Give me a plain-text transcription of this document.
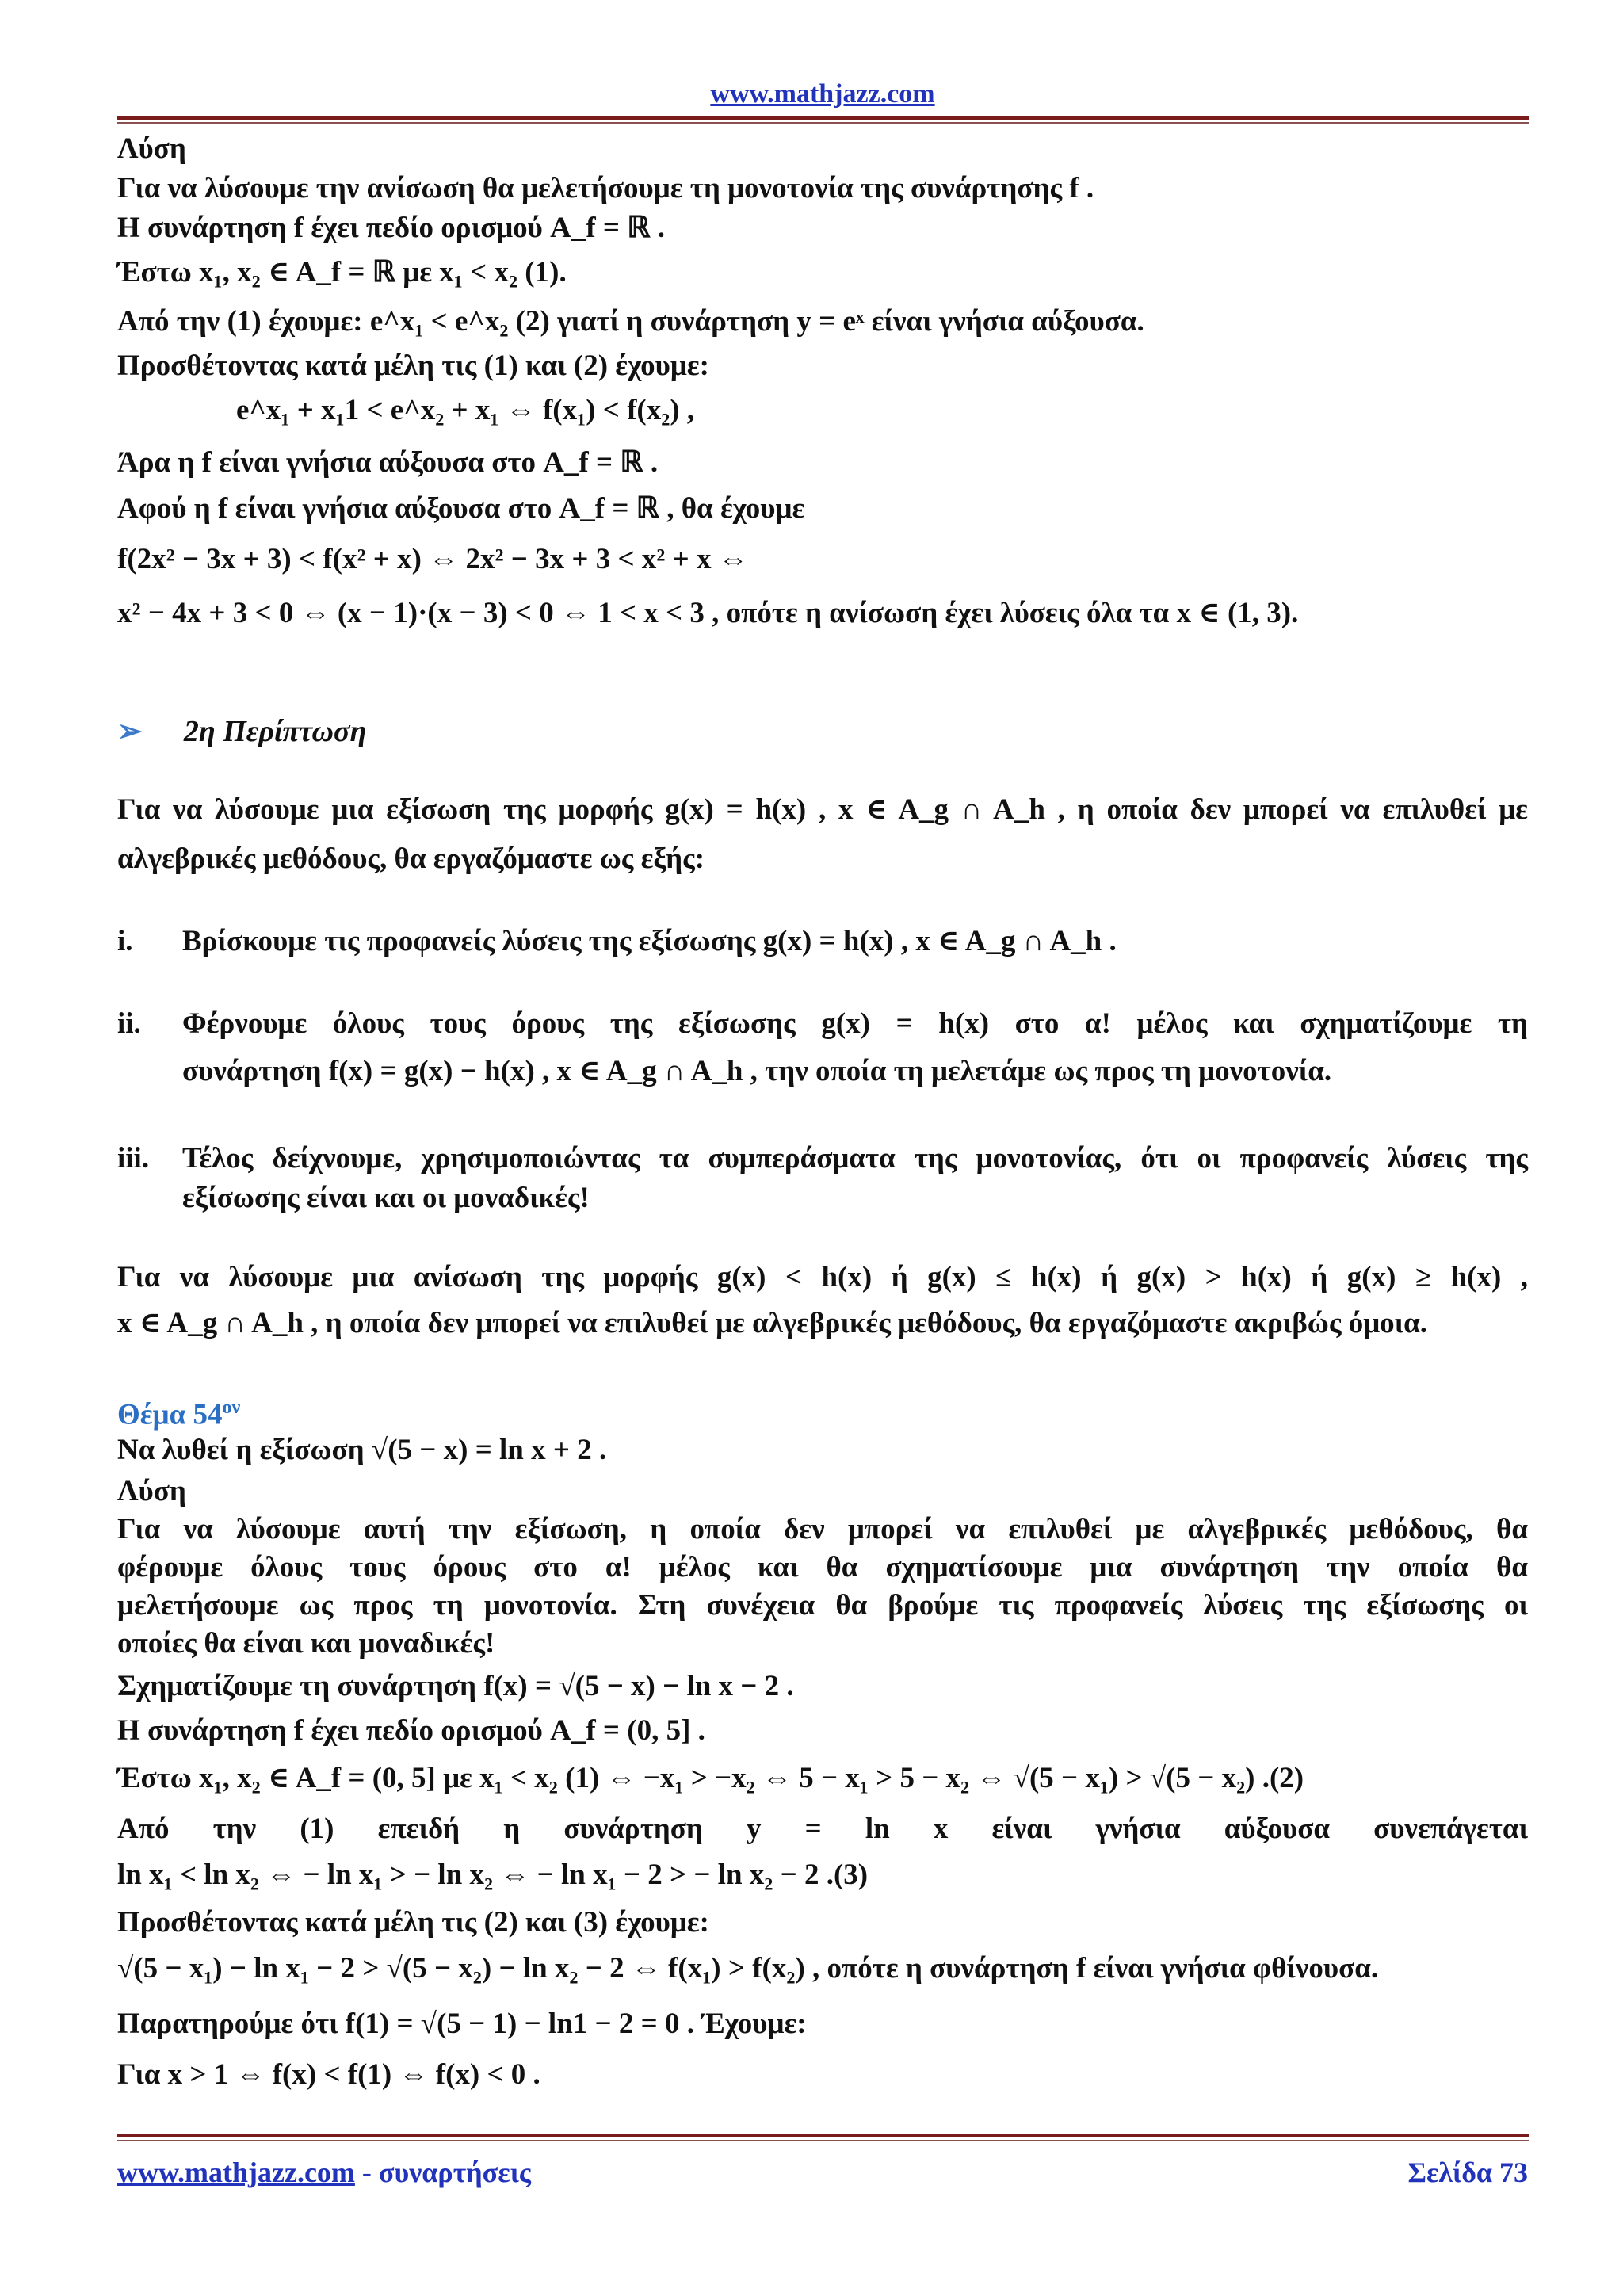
www.mathjazz.com
Λύση
Για να λύσουμε την ανίσωση θα μελετήσουμε τη μονοτονία της συνάρτησης f .
Η συνάρτηση f έχει πεδίο ορισμού A_f = ℝ .
Έστω x₁, x₂ ∈ A_f = ℝ με x₁ < x₂ (1).
Από την (1) έχουμε: e^x₁ < e^x₂ (2) γιατί η συνάρτηση y = eˣ είναι γνήσια αύξουσα.
Προσθέτοντας κατά μέλη τις (1) και (2) έχουμε:
e^x₁ + x₁1 < e^x₂ + x₁ ⇔ f(x₁) < f(x₂) ,
Άρα η f είναι γνήσια αύξουσα στο A_f = ℝ .
Αφού η f είναι γνήσια αύξουσα στο A_f = ℝ , θα έχουμε
f(2x² − 3x + 3) < f(x² + x) ⇔ 2x² − 3x + 3 < x² + x ⇔
x² − 4x + 3 < 0 ⇔ (x − 1)·(x − 3) < 0 ⇔ 1 < x < 3 , οπότε η ανίσωση έχει λύσεις όλα τα x ∈ (1, 3).
➢ 2η Περίπτωση
Για να λύσουμε μια εξίσωση της μορφής g(x) = h(x) , x ∈ A_g ∩ A_h , η οποία δεν μπορεί να επιλυθεί με
αλγεβρικές μεθόδους, θα εργαζόμαστε ως εξής:
i. Βρίσκουμε τις προφανείς λύσεις της εξίσωσης g(x) = h(x) , x ∈ A_g ∩ A_h .
ii. Φέρνουμε όλους τους όρους της εξίσωσης g(x) = h(x) στο α! μέλος και σχηματίζουμε τη
συνάρτηση f(x) = g(x) − h(x) , x ∈ A_g ∩ A_h , την οποία τη μελετάμε ως προς τη μονοτονία.
iii. Τέλος δείχνουμε, χρησιμοποιώντας τα συμπεράσματα της μονοτονίας, ότι οι προφανείς λύσεις της
εξίσωσης είναι και οι μοναδικές!
Για να λύσουμε μια ανίσωση της μορφής g(x) < h(x) ή g(x) ≤ h(x) ή g(x) > h(x) ή g(x) ≥ h(x) ,
x ∈ A_g ∩ A_h , η οποία δεν μπορεί να επιλυθεί με αλγεβρικές μεθόδους, θα εργαζόμαστε ακριβώς όμοια.
Θέμα $54^{o\nu}$
Να λυθεί η εξίσωση √(5 − x) = ln x + 2 .
Λύση
Για να λύσουμε αυτή την εξίσωση, η οποία δεν μπορεί να επιλυθεί με αλγεβρικές μεθόδους, θα
φέρουμε όλους τους όρους στο α! μέλος και θα σχηματίσουμε μια συνάρτηση την οποία θα
μελετήσουμε ως προς τη μονοτονία. Στη συνέχεια θα βρούμε τις προφανείς λύσεις της εξίσωσης οι
οποίες θα είναι και μοναδικές!
Σχηματίζουμε τη συνάρτηση f(x) = √(5 − x) − ln x − 2 .
Η συνάρτηση f έχει πεδίο ορισμού A_f = (0, 5] .
Έστω x₁, x₂ ∈ A_f = (0, 5] με x₁ < x₂ (1) ⇔ −x₁ > −x₂ ⇔ 5 − x₁ > 5 − x₂ ⇔ √(5 − x₁) > √(5 − x₂) .(2)
Από την (1) επειδή η συνάρτηση y = ln x είναι γνήσια αύξουσα συνεπάγεται
ln x₁ < ln x₂ ⇔ − ln x₁ > − ln x₂ ⇔ − ln x₁ − 2 > − ln x₂ − 2 .(3)
Προσθέτοντας κατά μέλη τις (2) και (3) έχουμε:
√(5 − x₁) − ln x₁ − 2 > √(5 − x₂) − ln x₂ − 2 ⇔ f(x₁) > f(x₂) , οπότε η συνάρτηση f είναι γνήσια φθίνουσα.
Παρατηρούμε ότι f(1) = √(5 − 1) − ln1 − 2 = 0 . Έχουμε:
Για x > 1 ⇔ f(x) < f(1) ⇔ f(x) < 0 .
www.mathjazz.com - συναρτήσεις	Σελίδα 73
